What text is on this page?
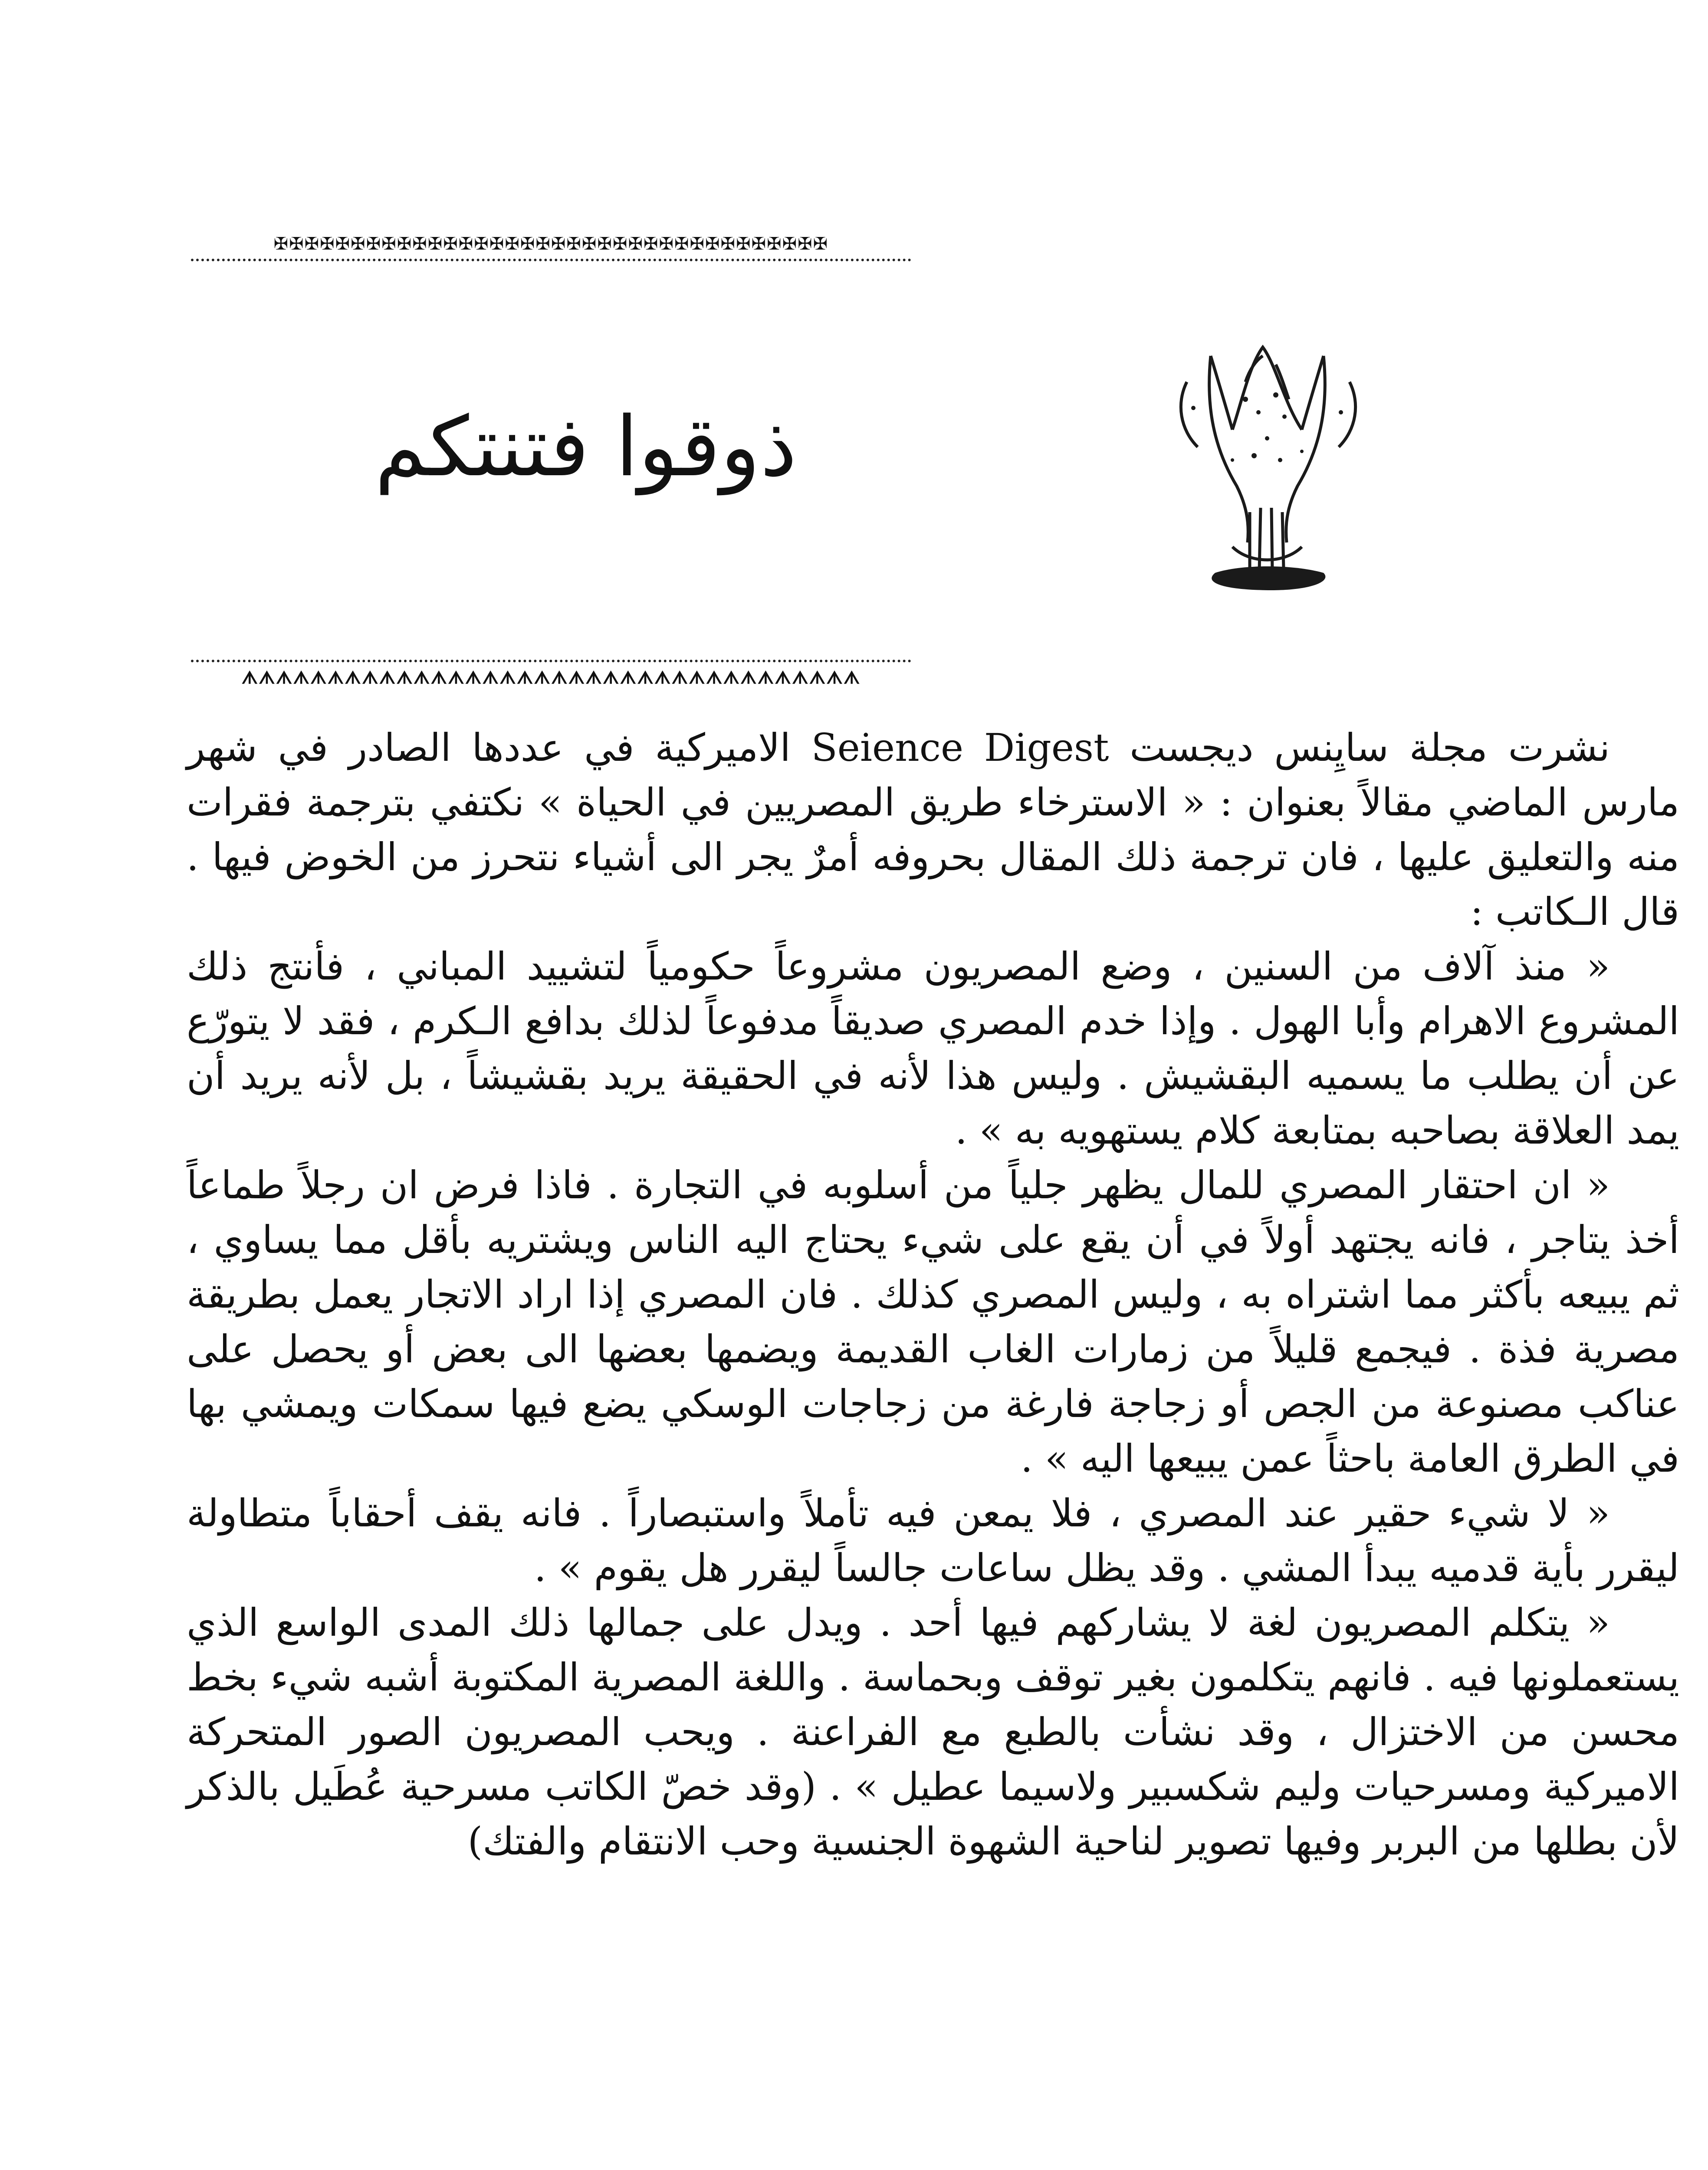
✠✠✠✠✠✠✠✠✠✠✠✠✠✠✠✠✠✠✠✠✠✠✠✠✠✠✠✠✠✠✠✠✠✠✠✠
ذوقوا فتنتكم
ᗑᗑᗑᗑᗑᗑᗑᗑᗑᗑᗑᗑᗑᗑᗑᗑᗑᗑᗑᗑᗑᗑᗑᗑᗑᗑᗑᗑᗑᗑᗑᗑᗑᗑᗑᗑ

نشرت مجلة سايِنس ديجست Seience Digest الاميركية في عددها الصادر في شهر مارس الماضي مقالاً بعنوان : « الاسترخاء طريق المصريين في الحياة » نكتفي بترجمة فقرات منه والتعليق عليها ، فان ترجمة ذلك المقال بحروفه أمرٌ يجر الى أشياء نتحرز من الخوض فيها . قال الـكاتب :

« منذ آلاف من السنين ، وضع المصريون مشروعاً حكومياً لتشييد المباني ، فأنتج ذلك المشروع الاهرام وأبا الهول . وإذا خدم المصري صديقاً مدفوعاً لذلك بدافع الـكرم ، فقد لا يتورّع عن أن يطلب ما يسميه البقشيش . وليس هذا لأنه في الحقيقة يريد بقشيشاً ، بل لأنه يريد أن يمد العلاقة بصاحبه بمتابعة كلام يستهويه به » .

« ان احتقار المصري للمال يظهر جلياً من أسلوبه في التجارة . فاذا فرض ان رجلاً طماعاً أخذ يتاجر ، فانه يجتهد أولاً في أن يقع على شيء يحتاج اليه الناس ويشتريه بأقل مما يساوي ، ثم يبيعه بأكثر مما اشتراه به ، وليس المصري كذلك . فان المصري إذا اراد الاتجار يعمل بطريقة مصرية فذة . فيجمع قليلاً من زمارات الغاب القديمة ويضمها بعضها الى بعض أو يحصل على عناكب مصنوعة من الجص أو زجاجة فارغة من زجاجات الوسكي يضع فيها سمكات ويمشي بها في الطرق العامة باحثاً عمن يبيعها اليه » .

« لا شيء حقير عند المصري ، فلا يمعن فيه تأملاً واستبصاراً . فانه يقف أحقاباً متطاولة ليقرر بأية قدميه يبدأ المشي . وقد يظل ساعات جالساً ليقرر هل يقوم » .

« يتكلم المصريون لغة لا يشاركهم فيها أحد . ويدل على جمالها ذلك المدى الواسع الذي يستعملونها فيه . فانهم يتكلمون بغير توقف وبحماسة . واللغة المصرية المكتوبة أشبه شيء بخط محسن من الاختزال ، وقد نشأت بالطبع مع الفراعنة . ويحب المصريون الصور المتحركة الاميركية ومسرحيات وليم شكسبير ولاسيما عطيل » . (وقد خصّ الكاتب مسرحية عُطَيل بالذكر لأن بطلها من البربر وفيها تصوير لناحية الشهوة الجنسية وحب الانتقام والفتك)
